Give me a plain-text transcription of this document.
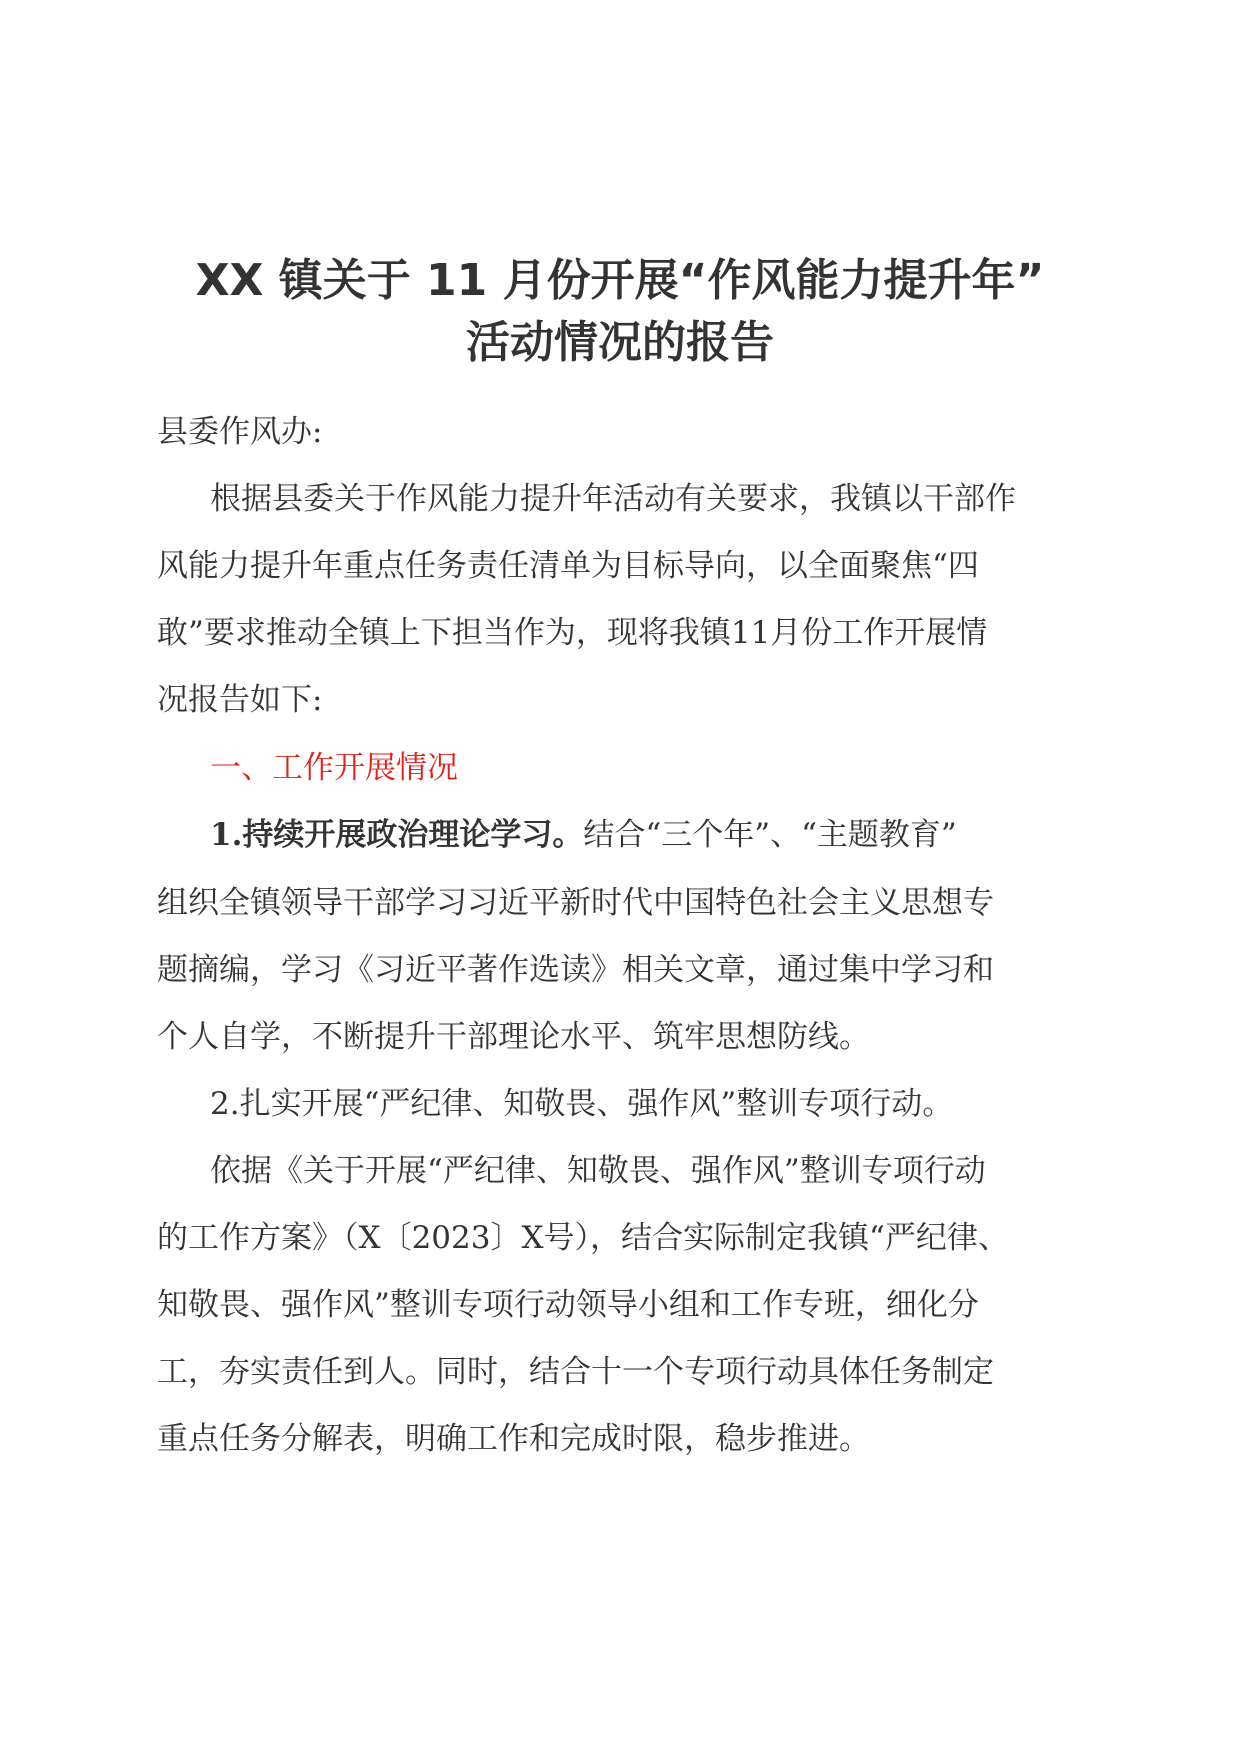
XX 镇关于 11 月份开展“作风能力提升年”
活动情况的报告
县委作风办:
根据县委关于作风能力提升年活动有关要求，我镇以干部作
风能力提升年重点任务责任清单为目标导向，以全面聚焦“四
敢”要求推动全镇上下担当作为，现将我镇11月份工作开展情
况报告如下:
一、工作开展情况
1.持续开展政治理论学习。结合“三个年”、“主题教育”
组织全镇领导干部学习习近平新时代中国特色社会主义思想专
题摘编，学习《习近平著作选读》相关文章，通过集中学习和
个人自学，不断提升干部理论水平、筑牢思想防线。
2.扎实开展“严纪律、知敬畏、强作风”整训专项行动。
依据《关于开展“严纪律、知敬畏、强作风”整训专项行动
的工作方案》（X〔2023〕X号），结合实际制定我镇“严纪律、
知敬畏、强作风”整训专项行动领导小组和工作专班，细化分
工，夯实责任到人。同时，结合十一个专项行动具体任务制定
重点任务分解表，明确工作和完成时限，稳步推进。
